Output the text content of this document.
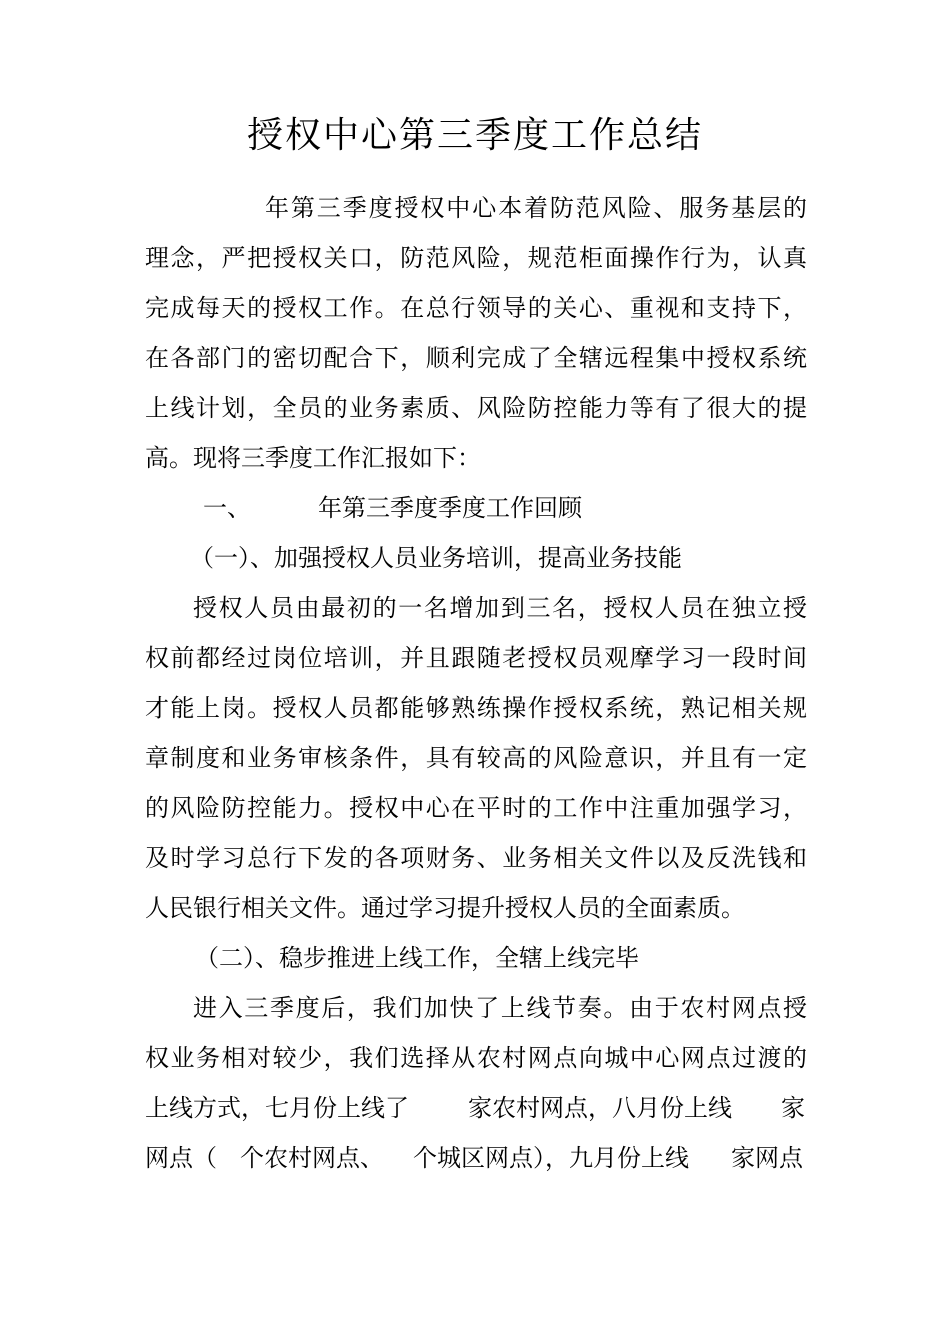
授权中心第三季度工作总结
年第三季度授权中心本着防范风险、服务基层的
理念，严把授权关口，防范风险，规范柜面操作行为，认真
完成每天的授权工作。在总行领导的关心、重视和支持下，
在各部门的密切配合下，顺利完成了全辖远程集中授权系统
上线计划，全员的业务素质、风险防控能力等有了很大的提
高。现将三季度工作汇报如下：
一、	年第三季度季度工作回顾
（一）、加强授权人员业务培训，提高业务技能
授权人员由最初的一名增加到三名，授权人员在独立授
权前都经过岗位培训，并且跟随老授权员观摩学习一段时间
才能上岗。授权人员都能够熟练操作授权系统，熟记相关规
章制度和业务审核条件，具有较高的风险意识，并且有一定
的风险防控能力。授权中心在平时的工作中注重加强学习，
及时学习总行下发的各项财务、业务相关文件以及反洗钱和
人民银行相关文件。通过学习提升授权人员的全面素质。
（二）、稳步推进上线工作，全辖上线完毕
进入三季度后，我们加快了上线节奏。由于农村网点授
权业务相对较少，我们选择从农村网点向城中心网点过渡的
上线方式，七月份上线了 家农村网点，八月份上线 家
网点（ 个农村网点、 个城区网点），九月份上线 家网点
